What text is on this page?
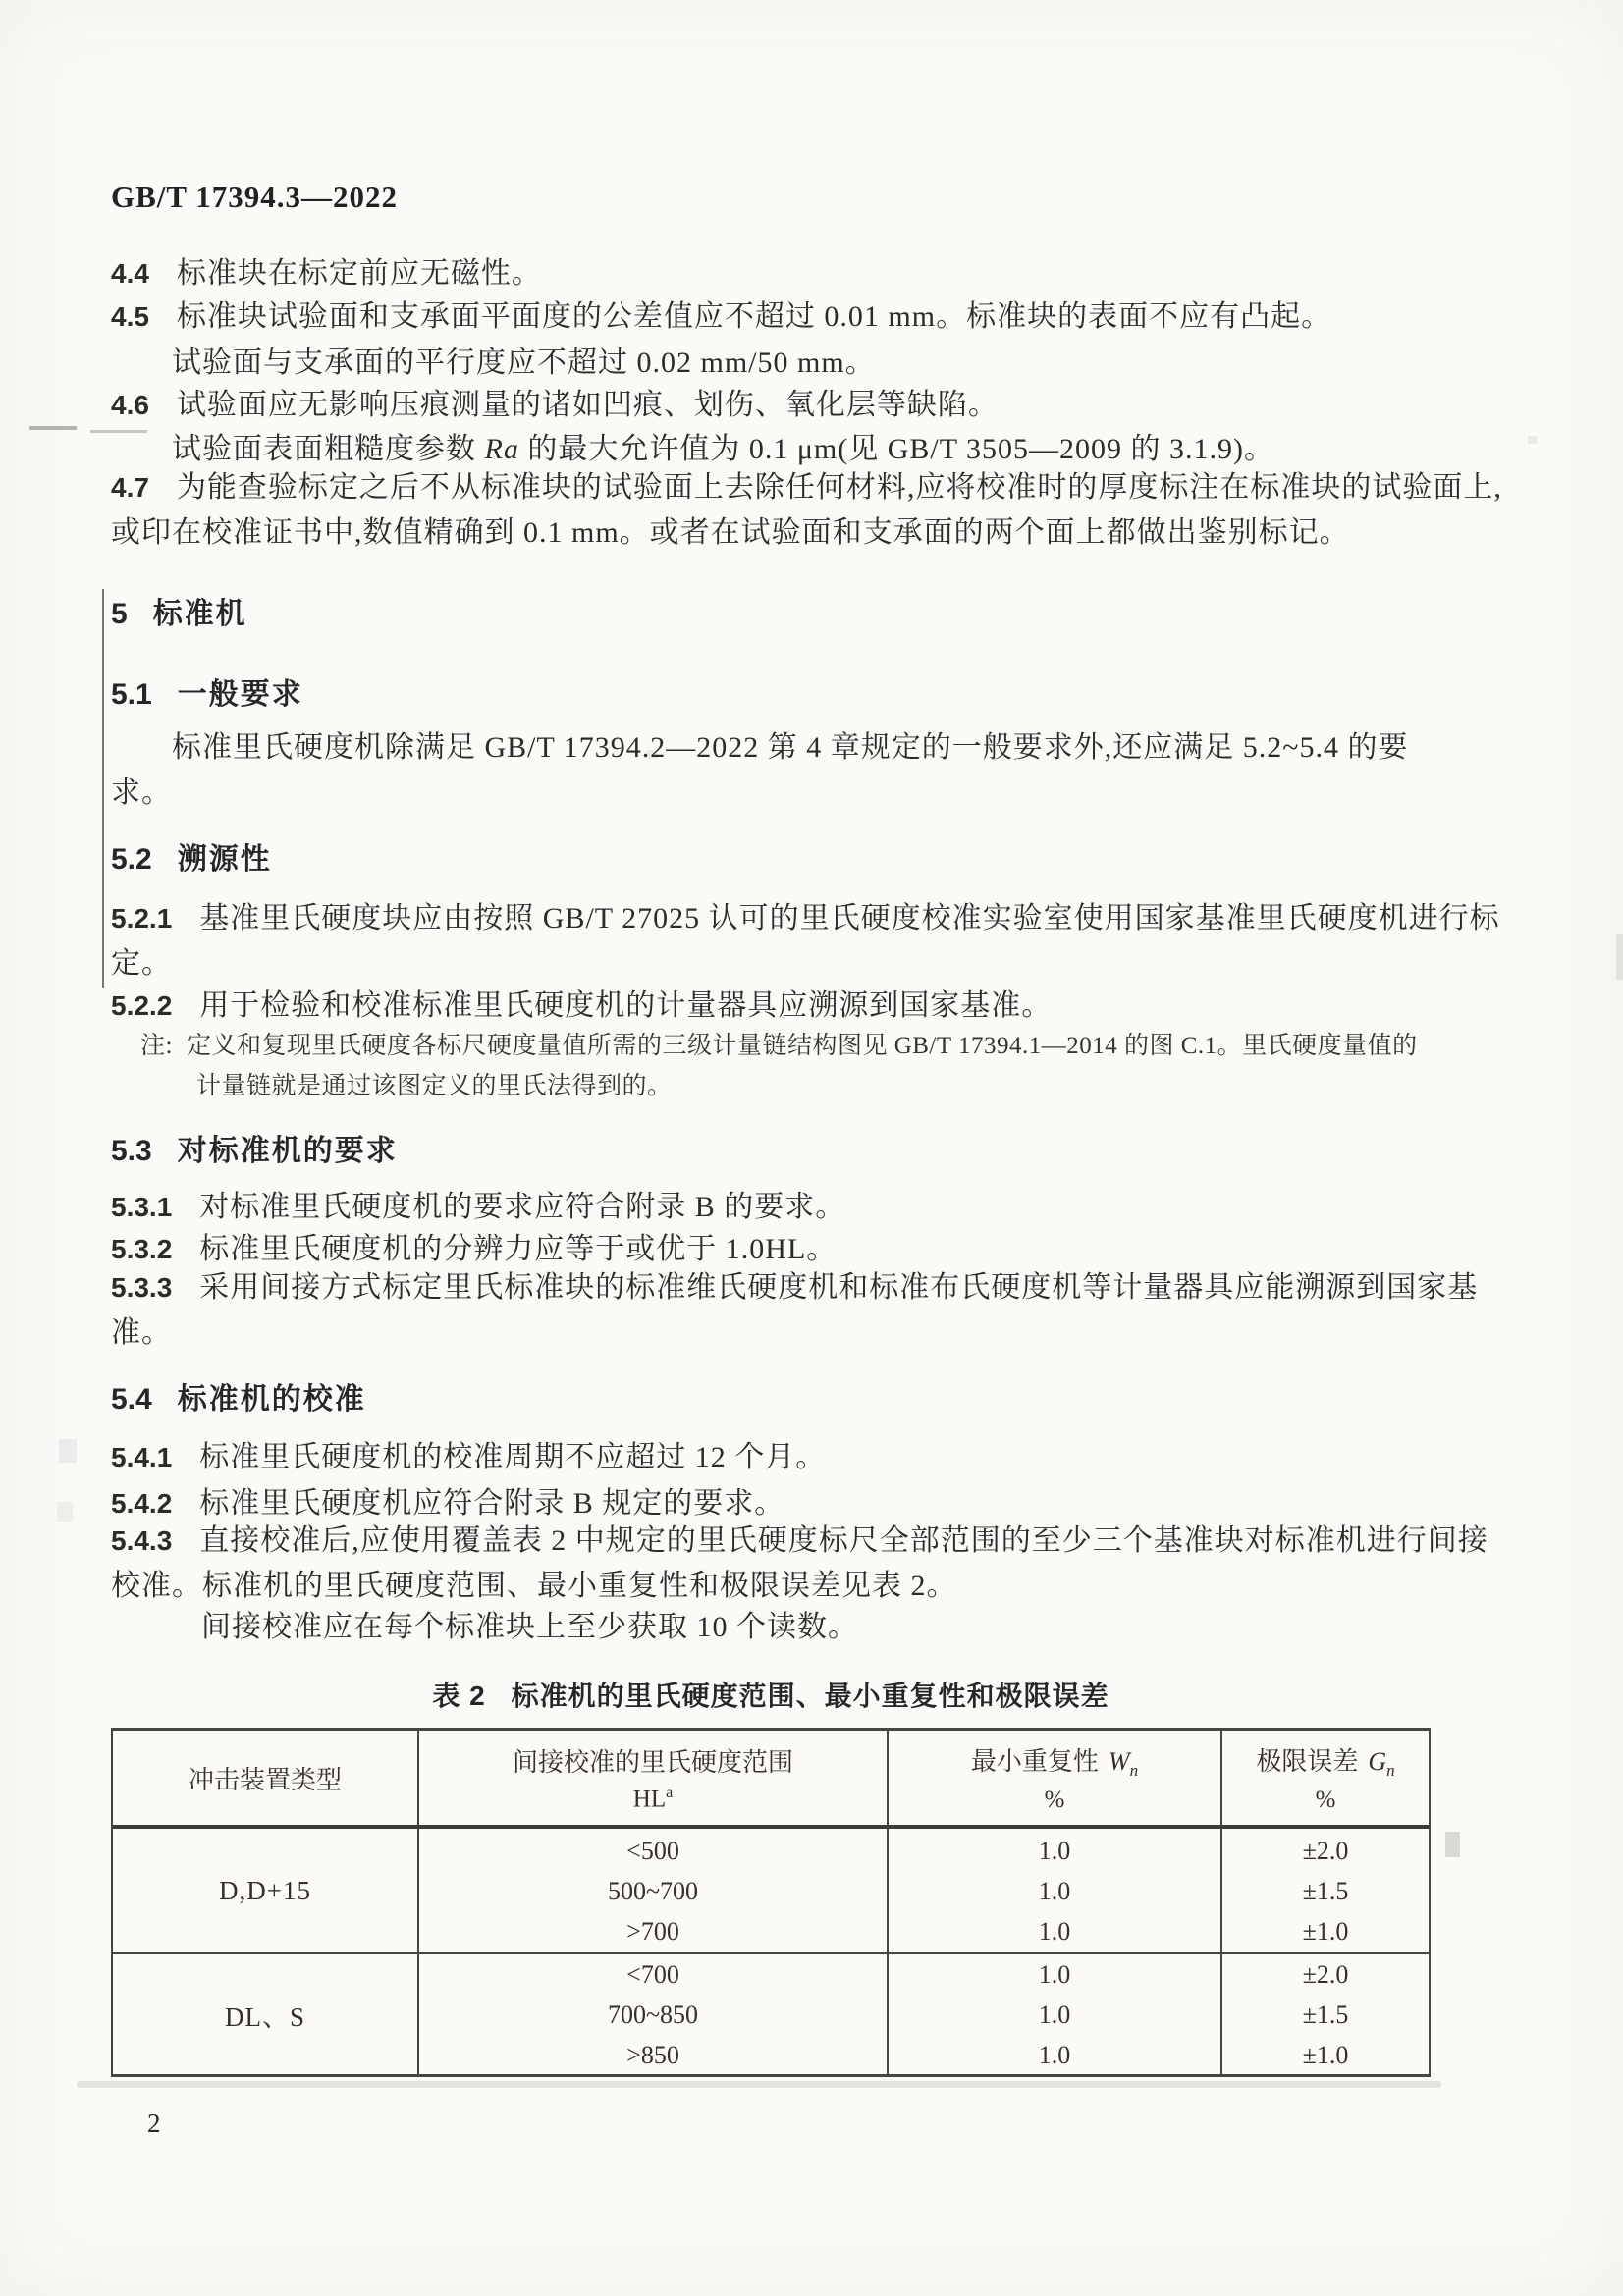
GB/T 17394.3—2022
4.4 标准块在标定前应无磁性。
4.5 标准块试验面和支承面平面度的公差值应不超过 0.01 mm。标准块的表面不应有凸起。
试验面与支承面的平行度应不超过 0.02 mm/50 mm。
4.6 试验面应无影响压痕测量的诸如凹痕、划伤、氧化层等缺陷。
试验面表面粗糙度参数 Ra 的最大允许值为 0.1 μm(见 GB/T 3505—2009 的 3.1.9)。
4.7 为能查验标定之后不从标准块的试验面上去除任何材料,应将校准时的厚度标注在标准块的试验面上,或印在校准证书中,数值精确到 0.1 mm。或者在试验面和支承面的两个面上都做出鉴别标记。
5 标准机
5.1 一般要求
标准里氏硬度机除满足 GB/T 17394.2—2022 第 4 章规定的一般要求外,还应满足 5.2~5.4 的要求。
5.2 溯源性
5.2.1 基准里氏硬度块应由按照 GB/T 27025 认可的里氏硬度校准实验室使用国家基准里氏硬度机进行标定。
5.2.2 用于检验和校准标准里氏硬度机的计量器具应溯源到国家基准。
注: 定义和复现里氏硬度各标尺硬度量值所需的三级计量链结构图见 GB/T 17394.1—2014 的图 C.1。里氏硬度量值的计量链就是通过该图定义的里氏法得到的。
5.3 对标准机的要求
5.3.1 对标准里氏硬度机的要求应符合附录 B 的要求。
5.3.2 标准里氏硬度机的分辨力应等于或优于 1.0HL。
5.3.3 采用间接方式标定里氏标准块的标准维氏硬度机和标准布氏硬度机等计量器具应能溯源到国家基准。
5.4 标准机的校准
5.4.1 标准里氏硬度机的校准周期不应超过 12 个月。
5.4.2 标准里氏硬度机应符合附录 B 规定的要求。
5.4.3 直接校准后,应使用覆盖表 2 中规定的里氏硬度标尺全部范围的至少三个基准块对标准机进行间接校准。标准机的里氏硬度范围、最小重复性和极限误差见表 2。
间接校准应在每个标准块上至少获取 10 个读数。
表 2 标准机的里氏硬度范围、最小重复性和极限误差
冲击装置类型
间接校准的里氏硬度范围
$HL^a$
最小重复性 $W_n$
%
极限误差 $G_n$
%
D,D+15
<500
500~700
>700
1.0
1.0
1.0
±2.0
±1.5
±1.0
DL、S
<700
700~850
>850
1.0
1.0
1.0
±2.0
±1.5
±1.0
2
